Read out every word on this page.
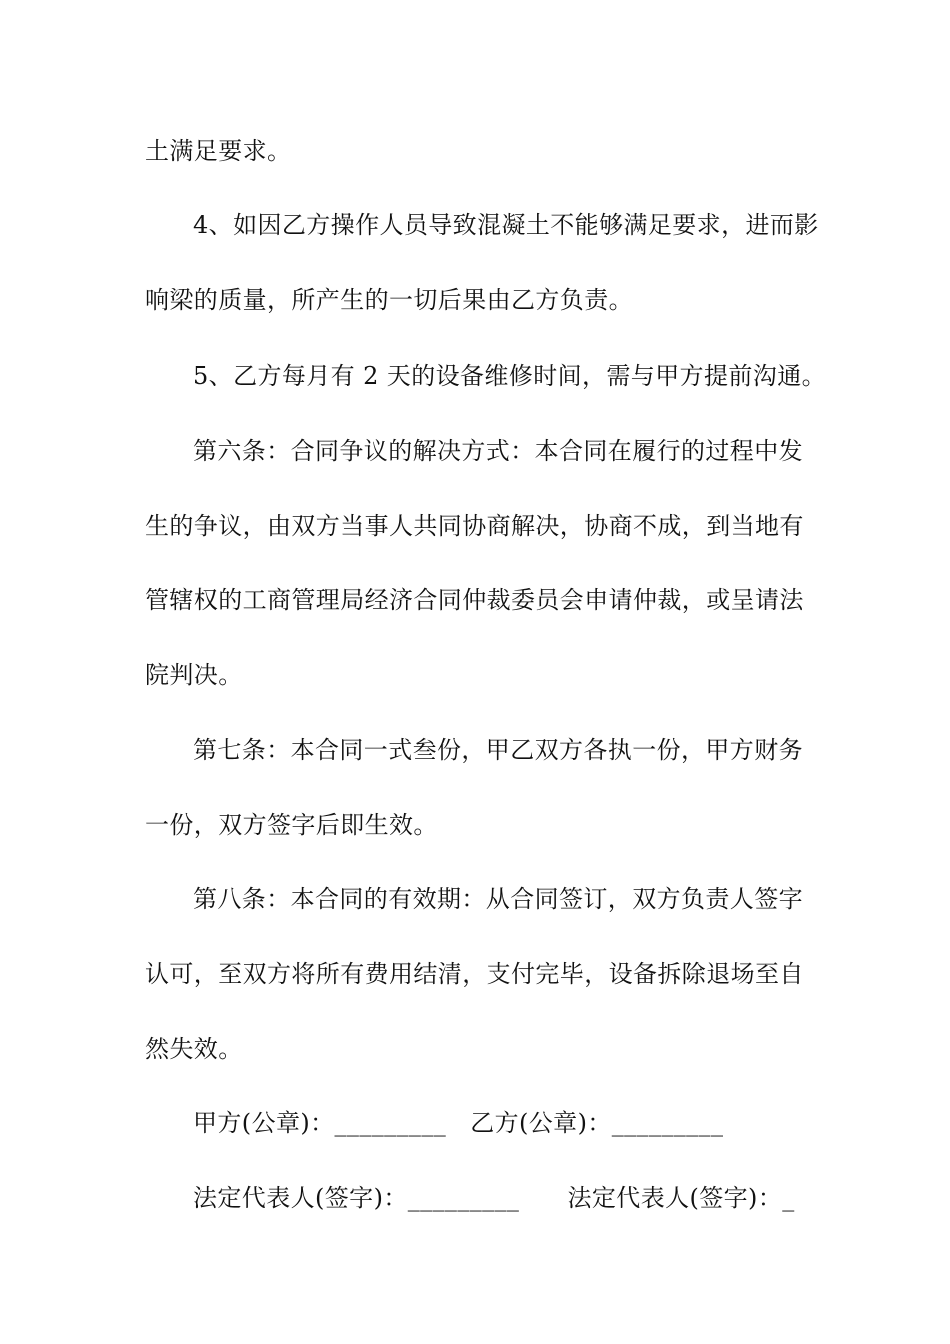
土满足要求。
4、如因乙方操作人员导致混凝土不能够满足要求，进而影
响梁的质量，所产生的一切后果由乙方负责。
5、乙方每月有 2 天的设备维修时间，需与甲方提前沟通。
第六条：合同争议的解决方式：本合同在履行的过程中发
生的争议，由双方当事人共同协商解决，协商不成，到当地有
管辖权的工商管理局经济合同仲裁委员会申请仲裁，或呈请法
院判决。
第七条：本合同一式叁份，甲乙双方各执一份，甲方财务
一份，双方签字后即生效。
第八条：本合同的有效期：从合同签订，双方负责人签字
认可，至双方将所有费用结清，支付完毕，设备拆除退场至自
然失效。
甲方(公章)：_________   乙方(公章)：_________
法定代表人(签字)：_________      法定代表人(签字)：_
